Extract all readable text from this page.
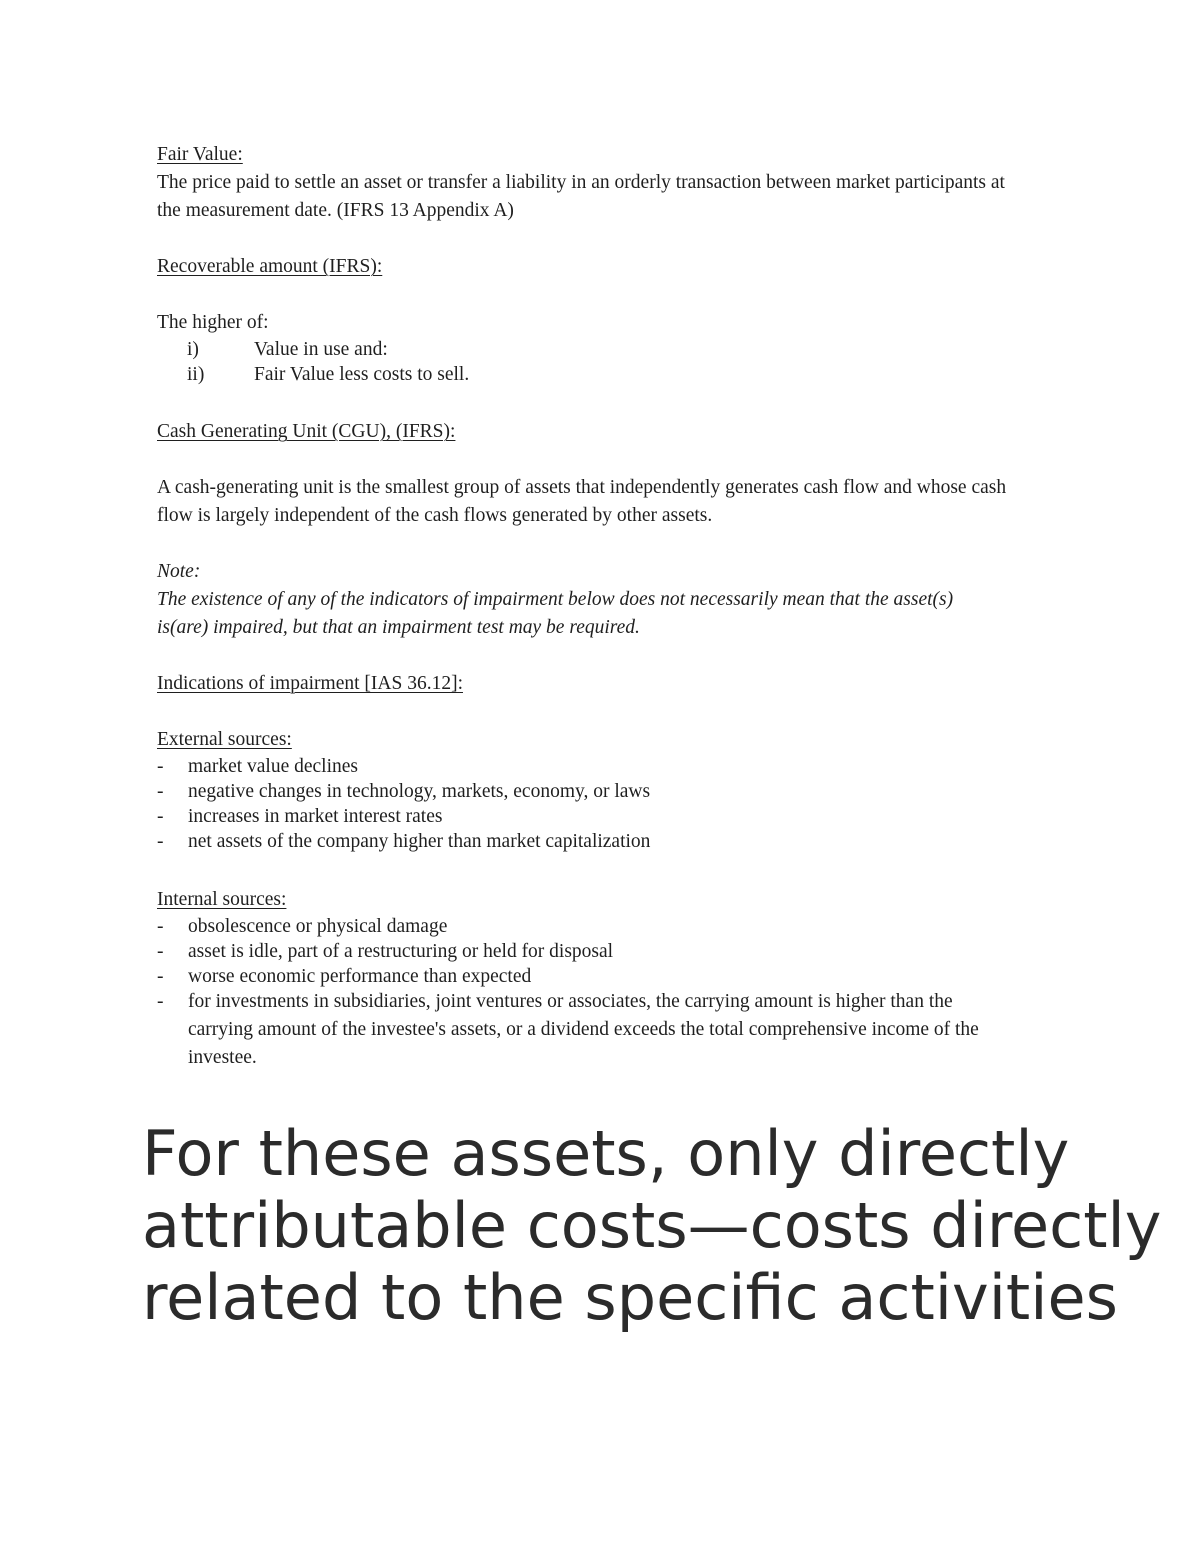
Fair Value:

The price paid to settle an asset or transfer a liability in an orderly transaction between market participants at the measurement date. (IFRS 13 Appendix A)

Recoverable amount (IFRS):

The higher of:

i)	Value in use and:
ii)	Fair Value less costs to sell.

Cash Generating Unit (CGU), (IFRS):

A cash-generating unit is the smallest group of assets that independently generates cash flow and whose cash flow is largely independent of the cash flows generated by other assets.

Note:

The existence of any of the indicators of impairment below does not necessarily mean that the asset(s) is(are) impaired, but that an impairment test may be required.

Indications of impairment [IAS 36.12]:

External sources:

- market value declines
- negative changes in technology, markets, economy, or laws
- increases in market interest rates
- net assets of the company higher than market capitalization

Internal sources:

- obsolescence or physical damage
- asset is idle, part of a restructuring or held for disposal
- worse economic performance than expected
- for investments in subsidiaries, joint ventures or associates, the carrying amount is higher than the carrying amount of the investee's assets, or a dividend exceeds the total comprehensive income of the investee.

For these assets, only directly attributable costs—costs directly related to the specific activities
